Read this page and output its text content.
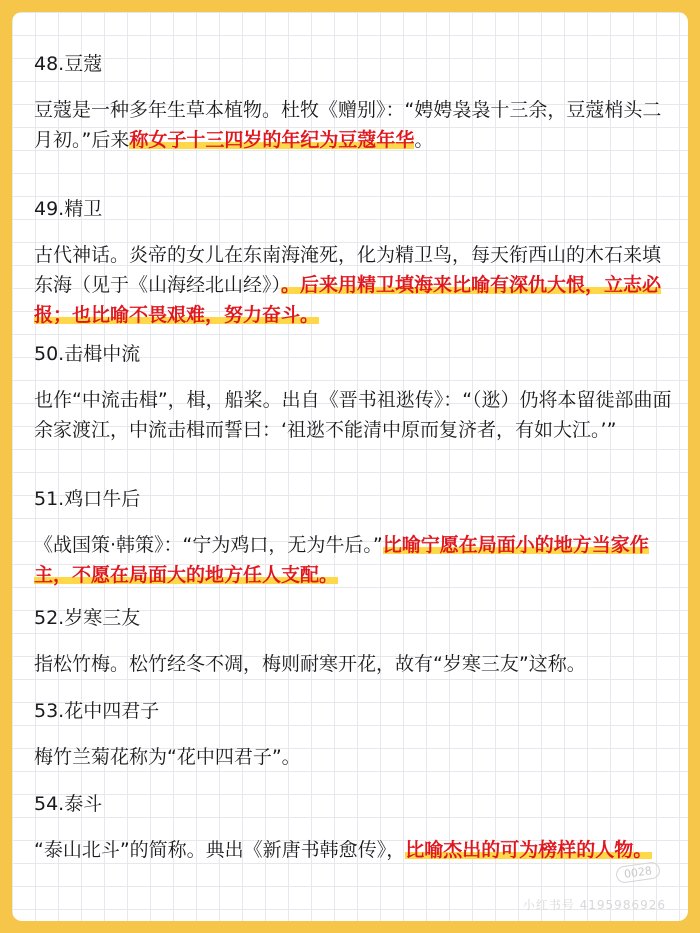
48.豆蔻
豆蔻是一种多年生草本植物。杜牧《赠别》：“娉娉袅袅十三余，豆蔻梢头二月初。”后来称女子十三四岁的年纪为豆蔻年华。
49.精卫
古代神话。炎帝的女儿在东南海淹死，化为精卫鸟，每天衔西山的木石来填东海（见于《山海经北山经》）。后来用精卫填海来比喻有深仇大恨，立志必报；也比喻不畏艰难，努力奋斗。
50.击楫中流
也作“中流击楫”，楫，船桨。出自《晋书祖逖传》：“（逖）仍将本留徙部曲面余家渡江，中流击楫而誓曰：‘祖逖不能清中原而复济者，有如大江。’”
51.鸡口牛后
《战国策·韩策》：“宁为鸡口，无为牛后。”比喻宁愿在局面小的地方当家作主，不愿在局面大的地方任人支配。
52.岁寒三友
指松竹梅。松竹经冬不凋，梅则耐寒开花，故有“岁寒三友”这称。
53.花中四君子
梅竹兰菊花称为“花中四君子”。
54.泰斗
“泰山北斗”的简称。典出《新唐书韩愈传》，比喻杰出的可为榜样的人物。
0028
小红书号 4195986926
